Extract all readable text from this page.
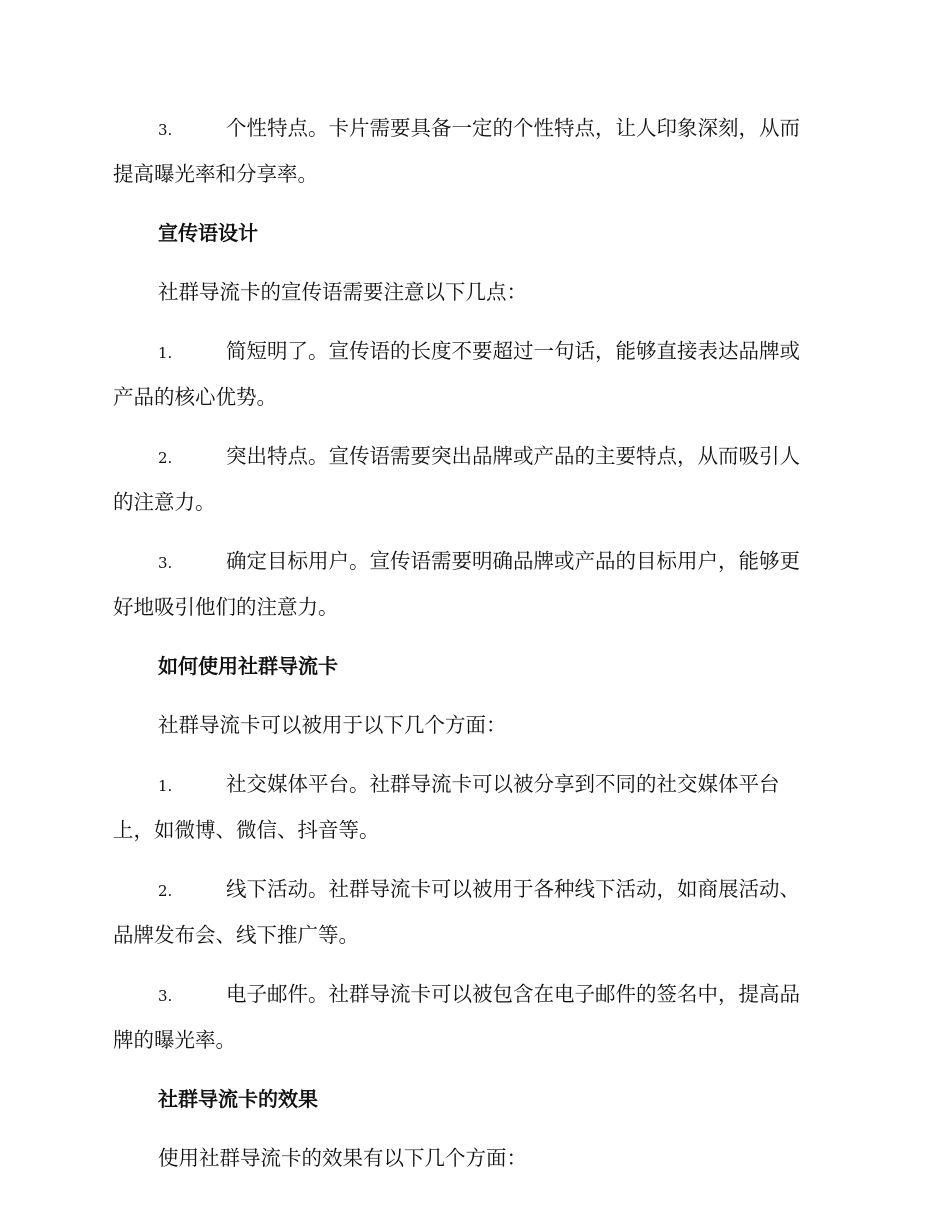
3.	个性特点。卡片需要具备一定的个性特点，让人印象深刻，从而
提高曝光率和分享率。
宣传语设计
社群导流卡的宣传语需要注意以下几点：
1.	简短明了。宣传语的长度不要超过一句话，能够直接表达品牌或
产品的核心优势。
2.	突出特点。宣传语需要突出品牌或产品的主要特点，从而吸引人
的注意力。
3.	确定目标用户。宣传语需要明确品牌或产品的目标用户，能够更
好地吸引他们的注意力。
如何使用社群导流卡
社群导流卡可以被用于以下几个方面：
1.	社交媒体平台。社群导流卡可以被分享到不同的社交媒体平台
上，如微博、微信、抖音等。
2.	线下活动。社群导流卡可以被用于各种线下活动，如商展活动、
品牌发布会、线下推广等。
3.	电子邮件。社群导流卡可以被包含在电子邮件的签名中，提高品
牌的曝光率。
社群导流卡的效果
使用社群导流卡的效果有以下几个方面：
